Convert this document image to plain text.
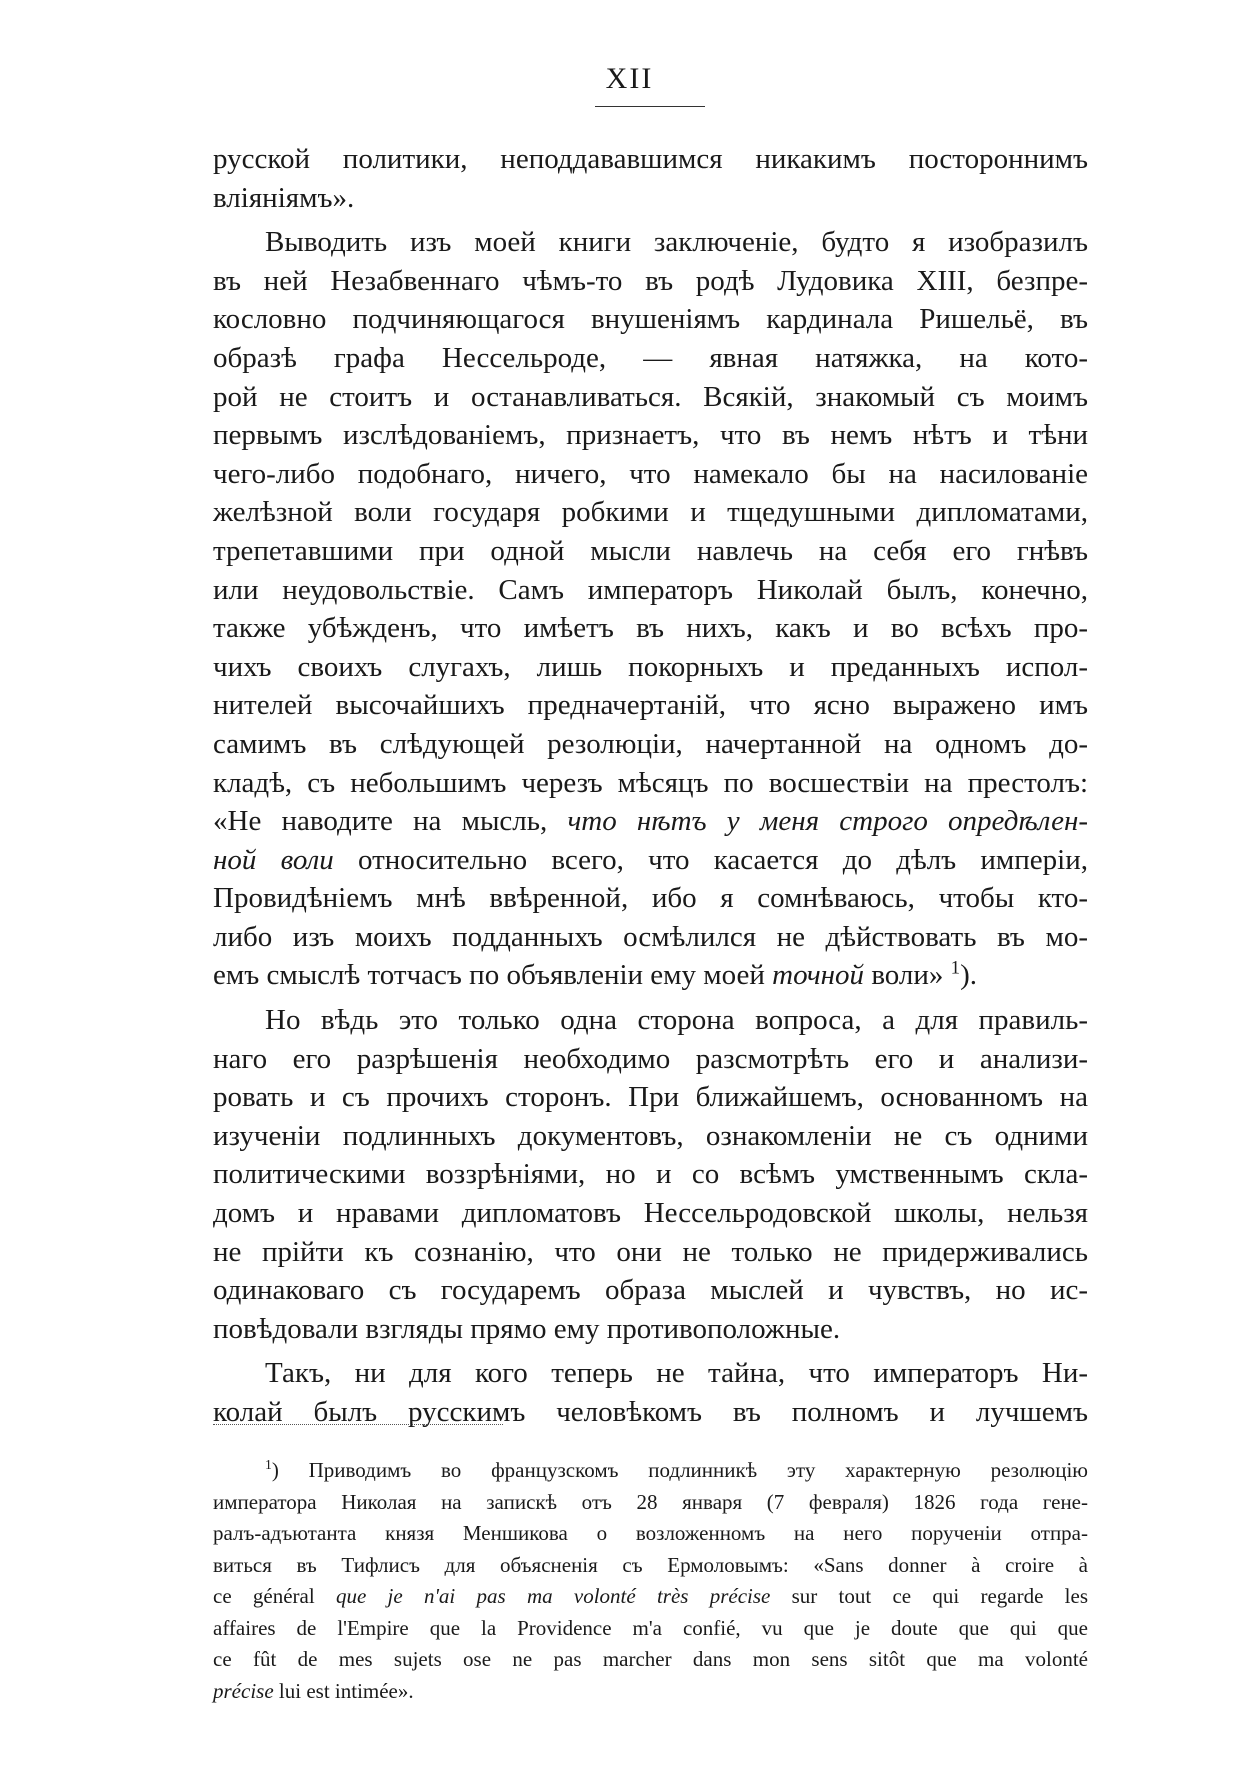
XII
русской политики, неподдававшимся никакимъ постороннимъ
вліяніямъ».
Выводить изъ моей книги заключеніе, будто я изобразилъ
въ ней Незабвеннаго чѣмъ-то въ родѣ Лудовика XIII, безпре-
кословно подчиняющагося внушеніямъ кардинала Ришельё, въ
образѣ графа Нессельроде, — явная натяжка, на кото-
рой не стоитъ и останавливаться. Всякій, знакомый съ моимъ
первымъ изслѣдованіемъ, признаетъ, что въ немъ нѣтъ и тѣни
чего-либо подобнаго, ничего, что намекало бы на насилованіе
желѣзной воли государя робкими и тщедушными дипломатами,
трепетавшими при одной мысли навлечь на себя его гнѣвъ
или неудовольствіе. Самъ императоръ Николай былъ, конечно,
также убѣжденъ, что имѣетъ въ нихъ, какъ и во всѣхъ про-
чихъ своихъ слугахъ, лишь покорныхъ и преданныхъ испол-
нителей высочайшихъ предначертаній, что ясно выражено имъ
самимъ въ слѣдующей резолюціи, начертанной на одномъ до-
кладѣ, съ небольшимъ черезъ мѣсяцъ по восшествіи на престолъ:
«Не наводите на мысль, что нѣтъ у меня строго опредѣлен-
ной воли относительно всего, что касается до дѣлъ имперіи,
Провидѣніемъ мнѣ ввѣренной, ибо я сомнѣваюсь, чтобы кто-
либо изъ моихъ подданныхъ осмѣлился не дѣйствовать въ мо-
емъ смыслѣ тотчасъ по объявленіи ему моей точной воли» $^1$).
Но вѣдь это только одна сторона вопроса, а для правиль-
наго его разрѣшенія необходимо разсмотрѣть его и анализи-
ровать и съ прочихъ сторонъ. При ближайшемъ, основанномъ на
изученіи подлинныхъ документовъ, ознакомленіи не съ одними
политическими воззрѣніями, но и со всѣмъ умственнымъ скла-
домъ и нравами дипломатовъ Нессельродовской школы, нельзя
не прійти къ сознанію, что они не только не придерживались
одинаковаго съ государемъ образа мыслей и чувствъ, но ис-
повѣдовали взгляды прямо ему противоположные.
Такъ, ни для кого теперь не тайна, что императоръ Ни-
колай былъ русскимъ человѣкомъ въ полномъ и лучшемъ
$^1$) Приводимъ во французскомъ подлинникѣ эту характерную резолюцію
императора Николая на запискѣ отъ 28 января (7 февраля) 1826 года гене-
ралъ-адъютанта князя Меншикова о возложенномъ на него порученіи отпра-
виться въ Тифлисъ для объясненія съ Ермоловымъ: «Sans donner à croire à
ce général que je n'ai pas ma volonté très précise sur tout ce qui regarde les
affaires de l'Empire que la Providence m'a confié, vu que je doute que qui que
ce fût de mes sujets ose ne pas marcher dans mon sens sitôt que ma volonté
précise lui est intimée».
